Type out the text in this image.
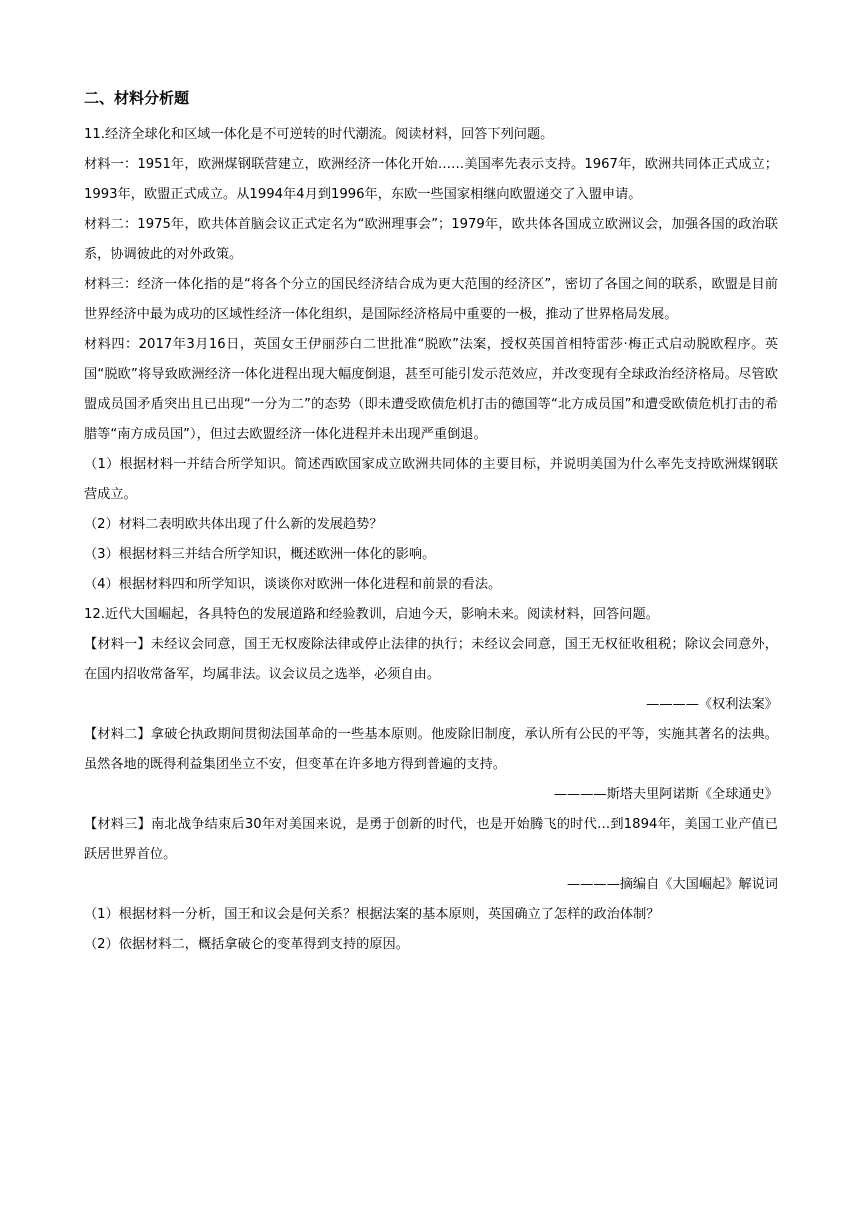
二、材料分析题

11.经济全球化和区域一体化是不可逆转的时代潮流。阅读材料，回答下列问题。

材料一：1951年，欧洲煤钢联营建立，欧洲经济一体化开始……美国率先表示支持。1967年，欧洲共同体正式成立；1993年，欧盟正式成立。从1994年4月到1996年，东欧一些国家相继向欧盟递交了入盟申请。

材料二：1975年，欧共体首脑会议正式定名为“欧洲理事会”；1979年，欧共体各国成立欧洲议会，加强各国的政治联系，协调彼此的对外政策。

材料三：经济一体化指的是“将各个分立的国民经济结合成为更大范围的经济区”，密切了各国之间的联系，欧盟是目前世界经济中最为成功的区域性经济一体化组织，是国际经济格局中重要的一极，推动了世界格局发展。

材料四：2017年3月16日，英国女王伊丽莎白二世批准“脱欧”法案，授权英国首相特雷莎·梅正式启动脱欧程序。英国“脱欧”将导致欧洲经济一体化进程出现大幅度倒退，甚至可能引发示范效应，并改变现有全球政治经济格局。尽管欧盟成员国矛盾突出且已出现“一分为二”的态势（即未遭受欧债危机打击的德国等“北方成员国”和遭受欧债危机打击的希腊等“南方成员国”），但过去欧盟经济一体化进程并未出现严重倒退。

（1）根据材料一并结合所学知识。简述西欧国家成立欧洲共同体的主要目标，并说明美国为什么率先支持欧洲煤钢联营成立。

（2）材料二表明欧共体出现了什么新的发展趋势？

（3）根据材料三并结合所学知识，概述欧洲一体化的影响。

（4）根据材料四和所学知识，谈谈你对欧洲一体化进程和前景的看法。

12.近代大国崛起，各具特色的发展道路和经验教训，启迪今天，影响未来。阅读材料，回答问题。

【材料一】未经议会同意，国王无权废除法律或停止法律的执行；未经议会同意，国王无权征收租税；除议会同意外，在国内招收常备军，均属非法。议会议员之选举，必须自由。

————《权利法案》

【材料二】拿破仑执政期间贯彻法国革命的一些基本原则。他废除旧制度，承认所有公民的平等，实施其著名的法典。虽然各地的既得利益集团坐立不安，但变革在许多地方得到普遍的支持。

————斯塔夫里阿诺斯《全球通史》

【材料三】南北战争结束后30年对美国来说，是勇于创新的时代，也是开始腾飞的时代…到1894年，美国工业产值已跃居世界首位。

————摘编自《大国崛起》解说词

（1）根据材料一分析，国王和议会是何关系？根据法案的基本原则，英国确立了怎样的政治体制？

（2）依据材料二，概括拿破仑的变革得到支持的原因。
